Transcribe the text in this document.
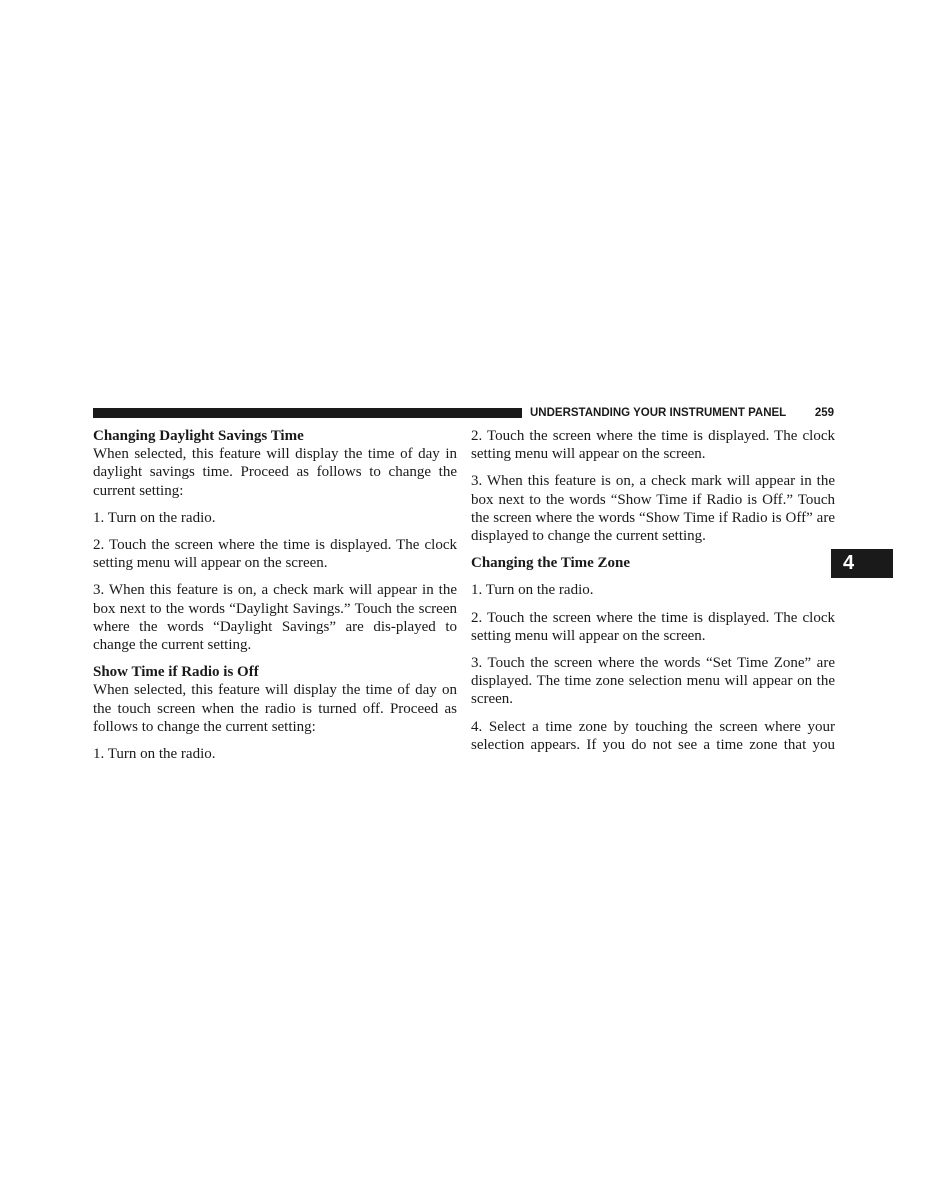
UNDERSTANDING YOUR INSTRUMENT PANEL 259
4

Changing Daylight Savings Time

When selected, this feature will display the time of day in daylight savings time. Proceed as follows to change the current setting:

1. Turn on the radio.

2. Touch the screen where the time is displayed. The clock setting menu will appear on the screen.

3. When this feature is on, a check mark will appear in the box next to the words “Daylight Savings.” Touch the screen where the words “Daylight Savings” are dis-played to change the current setting.

Show Time if Radio is Off

When selected, this feature will display the time of day on the touch screen when the radio is turned off. Proceed as follows to change the current setting:

1. Turn on the radio.

2. Touch the screen where the time is displayed. The clock setting menu will appear on the screen.

3. When this feature is on, a check mark will appear in the box next to the words “Show Time if Radio is Off.” Touch the screen where the words “Show Time if Radio is Off” are displayed to change the current setting.

Changing the Time Zone

1. Turn on the radio.

2. Touch the screen where the time is displayed. The clock setting menu will appear on the screen.

3. Touch the screen where the words “Set Time Zone” are displayed. The time zone selection menu will appear on the screen.

4. Select a time zone by touching the screen where your selection appears. If you do not see a time zone that you
